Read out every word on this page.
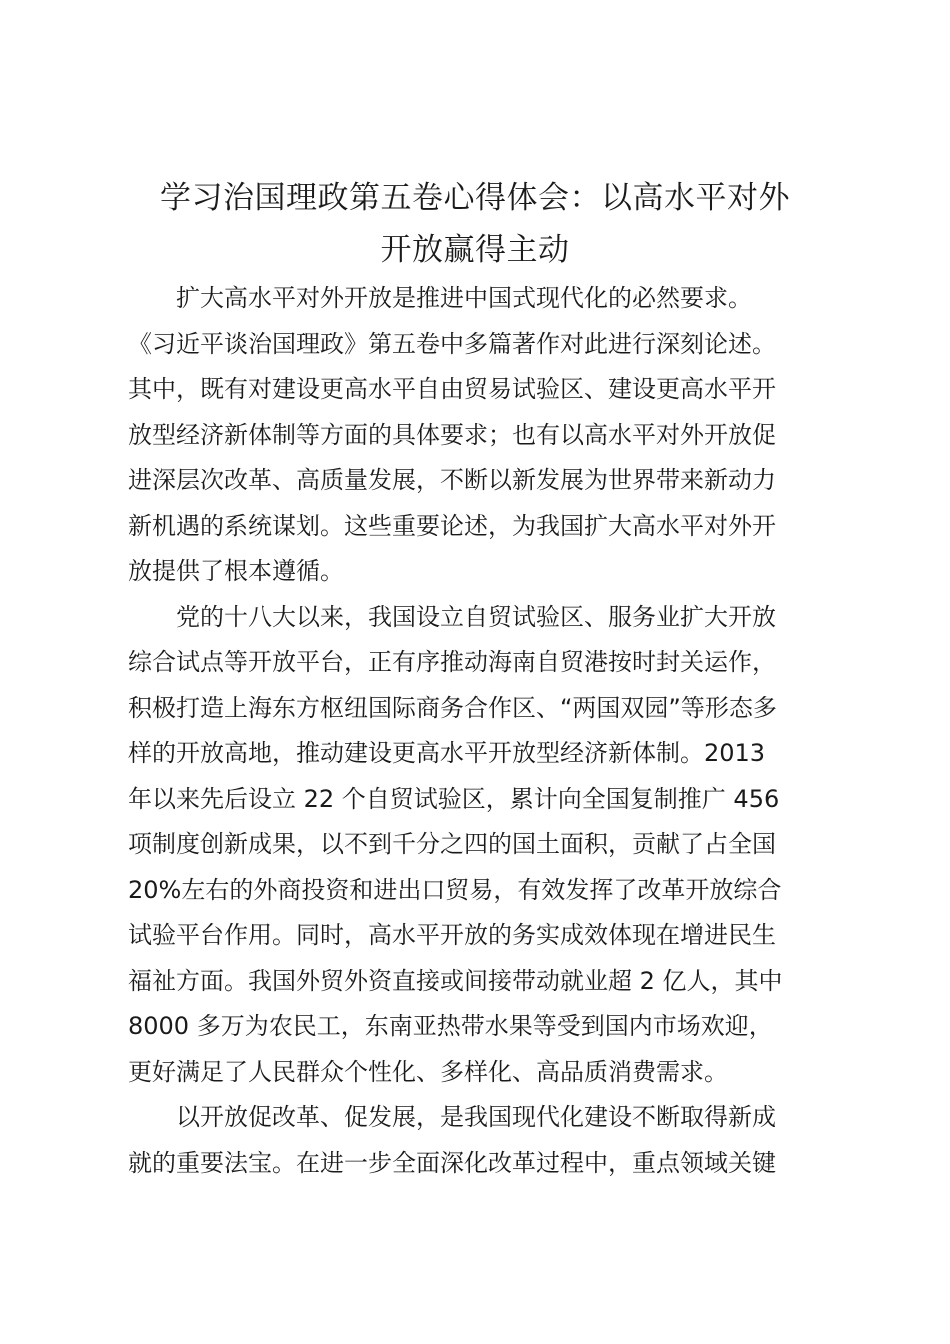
学习治国理政第五卷心得体会：以高水平对外
开放赢得主动

扩大高水平对外开放是推进中国式现代化的必然要求。
《习近平谈治国理政》第五卷中多篇著作对此进行深刻论述。
其中，既有对建设更高水平自由贸易试验区、建设更高水平开
放型经济新体制等方面的具体要求；也有以高水平对外开放促
进深层次改革、高质量发展，不断以新发展为世界带来新动力
新机遇的系统谋划。这些重要论述，为我国扩大高水平对外开
放提供了根本遵循。

党的十八大以来，我国设立自贸试验区、服务业扩大开放
综合试点等开放平台，正有序推动海南自贸港按时封关运作，
积极打造上海东方枢纽国际商务合作区、“两国双园”等形态多
样的开放高地，推动建设更高水平开放型经济新体制。2013
年以来先后设立 22 个自贸试验区，累计向全国复制推广 456
项制度创新成果，以不到千分之四的国土面积，贡献了占全国
20%左右的外商投资和进出口贸易，有效发挥了改革开放综合
试验平台作用。同时，高水平开放的务实成效体现在增进民生
福祉方面。我国外贸外资直接或间接带动就业超 2 亿人，其中
8000 多万为农民工，东南亚热带水果等受到国内市场欢迎，
更好满足了人民群众个性化、多样化、高品质消费需求。

以开放促改革、促发展，是我国现代化建设不断取得新成
就的重要法宝。在进一步全面深化改革过程中，重点领域关键
